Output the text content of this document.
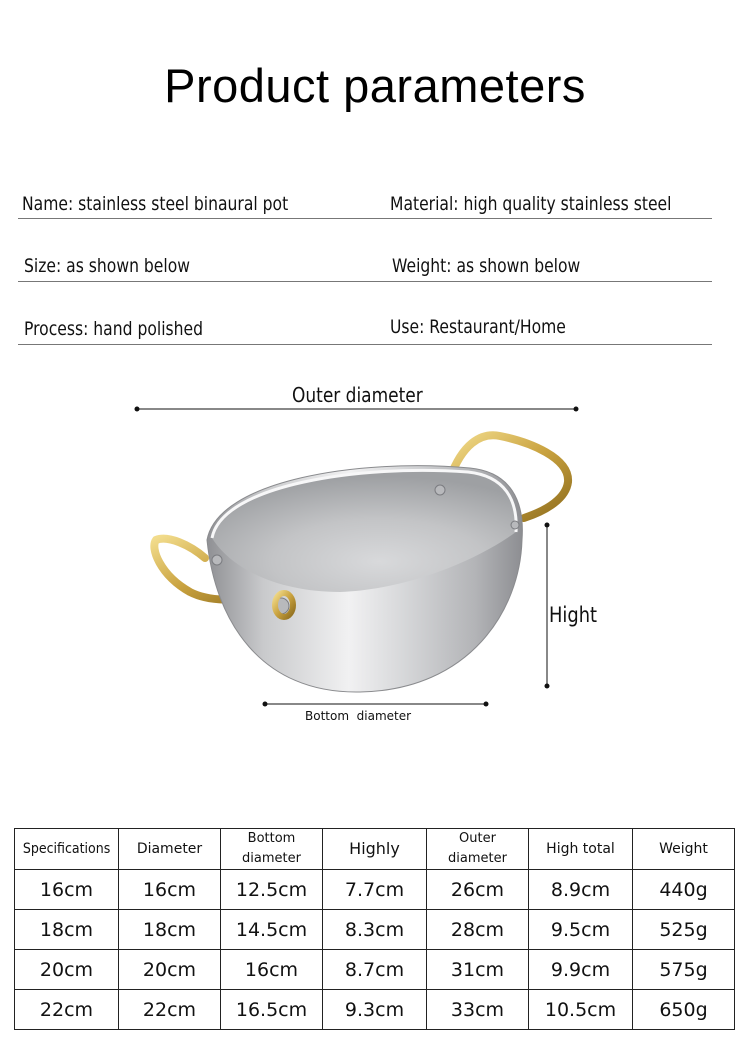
Product parameters
Name: stainless steel binaural pot	Material: high quality stainless steel
Size: as shown below	Weight: as shown below
Process: hand polished	Use: Restaurant/Home
Outer diameter
Hight
Bottom  diameter
Specifications	Diameter	Bottom diameter	Highly	Outer diameter	High total	Weight
16cm	16cm	12.5cm	7.7cm	26cm	8.9cm	440g
18cm	18cm	14.5cm	8.3cm	28cm	9.5cm	525g
20cm	20cm	16cm	8.7cm	31cm	9.9cm	575g
22cm	22cm	16.5cm	9.3cm	33cm	10.5cm	650g
